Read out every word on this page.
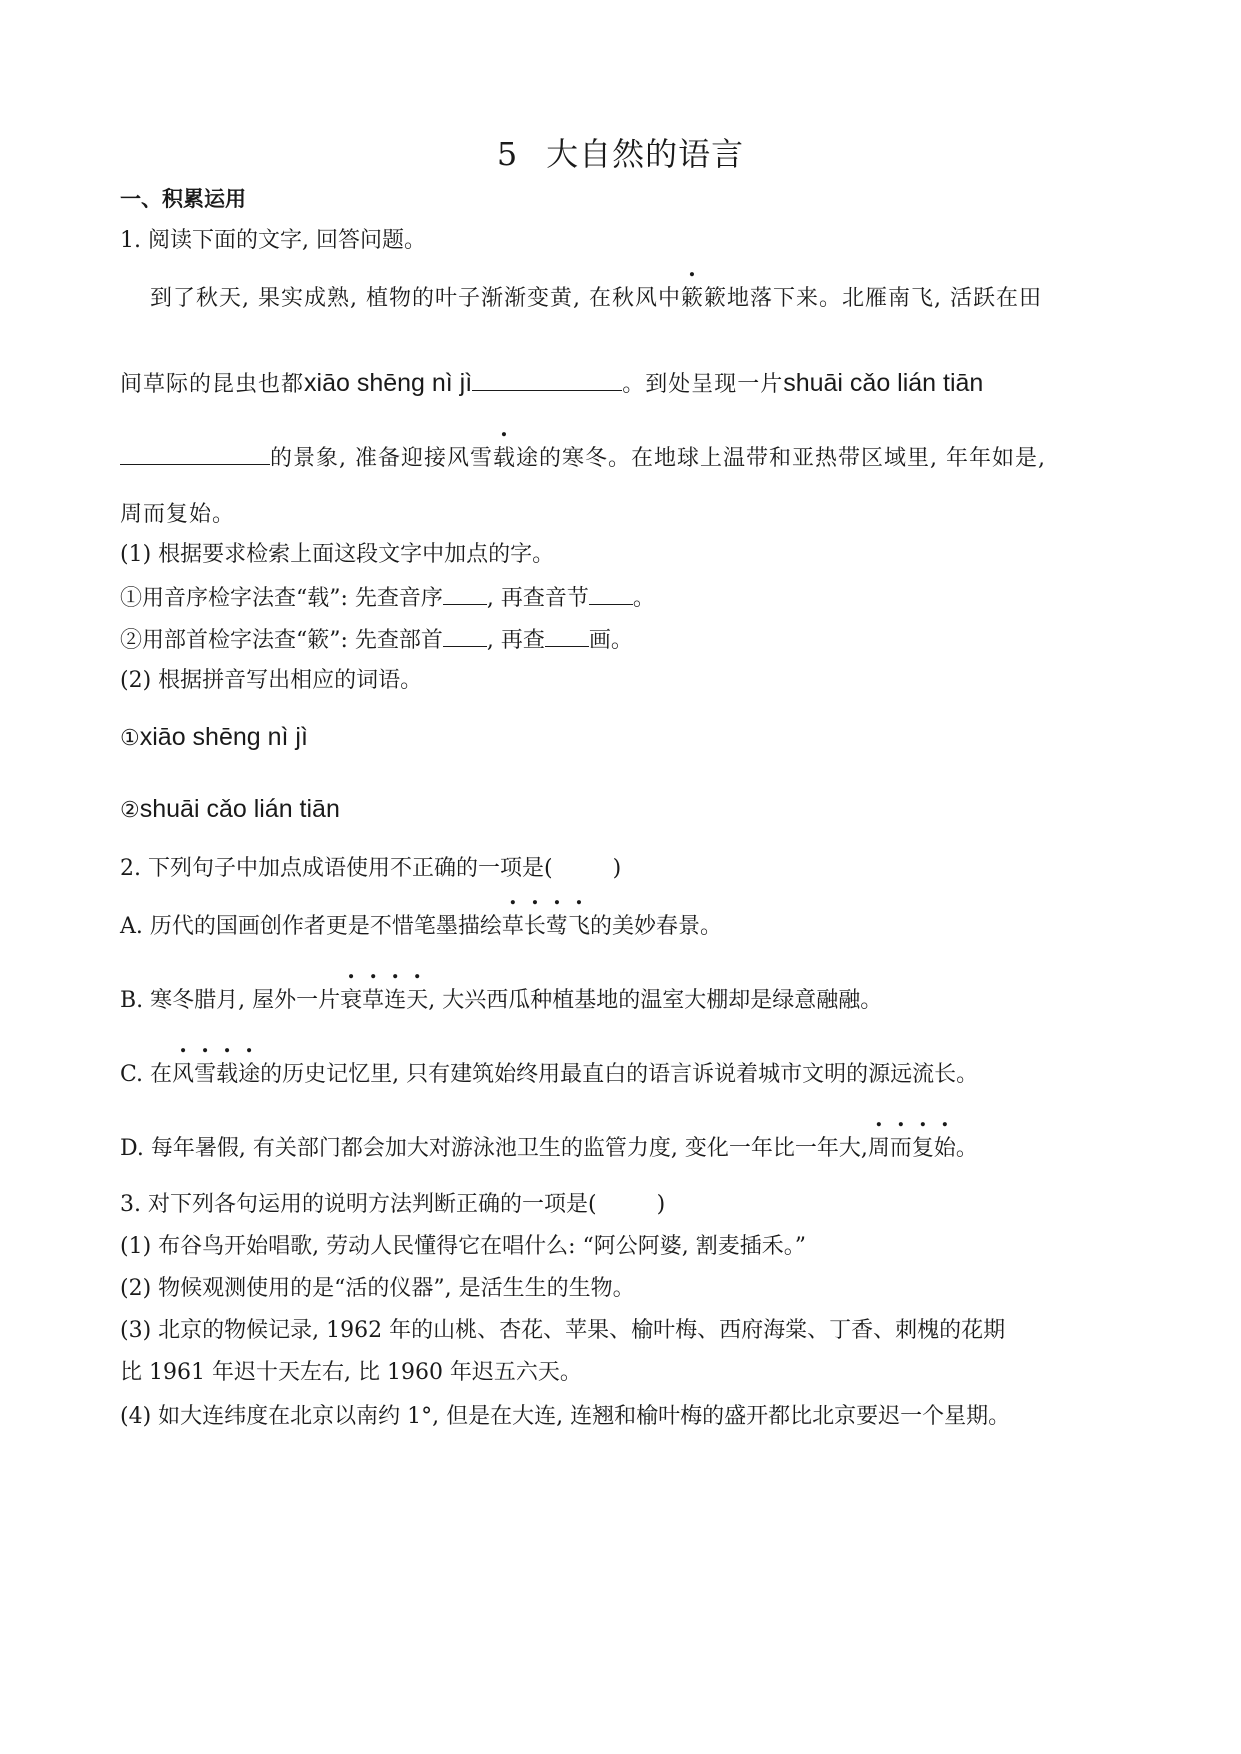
5 大自然的语言
一、积累运用
1. 阅读下面的文字, 回答问题。
到了秋天, 果实成熟, 植物的叶子渐渐变黄, 在秋风中簌簌地落下来。北雁南飞, 活跃在田
间草际的昆虫也都xiāo shēng nì jì	。到处呈现一片shuāi cǎo lián tiān
的景象, 准备迎接风雪载途的寒冬。在地球上温带和亚热带区域里, 年年如是,
周而复始。
(1) 根据要求检索上面这段文字中加点的字。
①用音序检字法查“载”: 先查音序 , 再查音节 。
②用部首检字法查“簌”: 先查部首 , 再查 画。
(2) 根据拼音写出相应的词语。
①xiāo shēng nì jì
②shuāi cǎo lián tiān
2. 下列句子中加点成语使用不正确的一项是(	)
A. 历代的国画创作者更是不惜笔墨描绘草长莺飞的美妙春景。
B. 寒冬腊月, 屋外一片衰草连天, 大兴西瓜种植基地的温室大棚却是绿意融融。
C. 在风雪载途的历史记忆里, 只有建筑始终用最直白的语言诉说着城市文明的源远流长。
D. 每年暑假, 有关部门都会加大对游泳池卫生的监管力度, 变化一年比一年大,周而复始。
3. 对下列各句运用的说明方法判断正确的一项是(	)
(1) 布谷鸟开始唱歌, 劳动人民懂得它在唱什么: “阿公阿婆, 割麦插禾。”
(2) 物候观测使用的是“活的仪器”, 是活生生的生物。
(3) 北京的物候记录, 1962 年的山桃、杏花、苹果、榆叶梅、西府海棠、丁香、刺槐的花期
比 1961 年迟十天左右, 比 1960 年迟五六天。
(4) 如大连纬度在北京以南约 1°, 但是在大连, 连翘和榆叶梅的盛开都比北京要迟一个星期。
